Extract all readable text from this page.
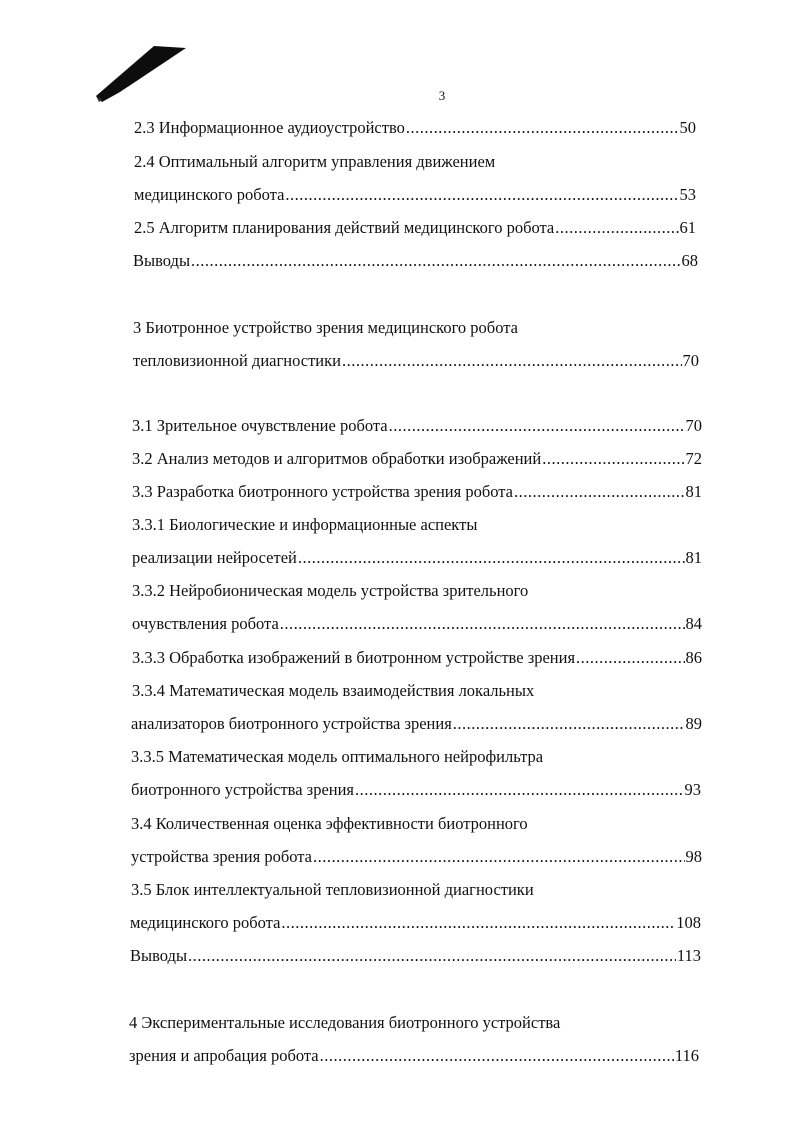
3
2.3 Информационное аудиоустройство .....	50
2.4 Оптимальный алгоритм управления движением
медицинского робота .....	53
2.5 Алгоритм планирования действий медицинского робота .....	61
Выводы .....	68
3 Биотронное устройство зрения медицинского робота
тепловизионной диагностики .....	70
3.1 Зрительное очувствление робота .....	70
3.2 Анализ методов и алгоритмов обработки изображений .....	72
3.3 Разработка биотронного устройства зрения робота .....	81
3.3.1 Биологические и информационные аспекты
реализации нейросетей .....	81
3.3.2 Нейробионическая модель устройства зрительного
очувствления робота .....	84
3.3.3 Обработка изображений в биотронном устройстве зрения .....	86
3.3.4 Математическая модель взаимодействия локальных
анализаторов биотронного устройства зрения .....	89
3.3.5 Математическая модель оптимального нейрофильтра
биотронного устройства зрения .....	93
3.4 Количественная оценка эффективности биотронного
устройства зрения робота .....	98
3.5 Блок интеллектуальной тепловизионной диагностики
медицинского робота .....	108
Выводы .....	113
4 Экспериментальные исследования биотронного устройства
зрения и апробация робота .....	116
